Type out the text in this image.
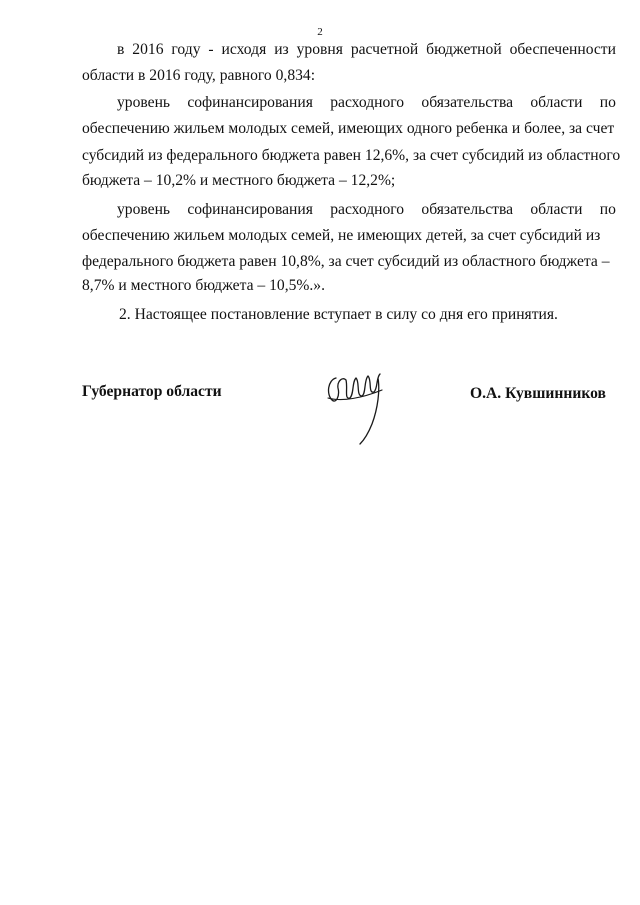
2
в 2016 году - исходя из уровня расчетной бюджетной обеспеченности
области в 2016 году, равного 0,834:
уровень софинансирования расходного обязательства области по
обеспечению жильем молодых семей, имеющих одного ребенка и более, за счет
субсидий из федерального бюджета равен 12,6%, за счет субсидий из областного
бюджета – 10,2% и местного бюджета – 12,2%;
уровень софинансирования расходного обязательства области по
обеспечению жильем молодых семей, не имеющих детей, за счет субсидий из
федерального бюджета равен 10,8%, за счет субсидий из областного бюджета –
8,7% и местного бюджета – 10,5%.».
2. Настоящее постановление вступает в силу со дня его принятия.
Губернатор области	О.А. Кувшинников
